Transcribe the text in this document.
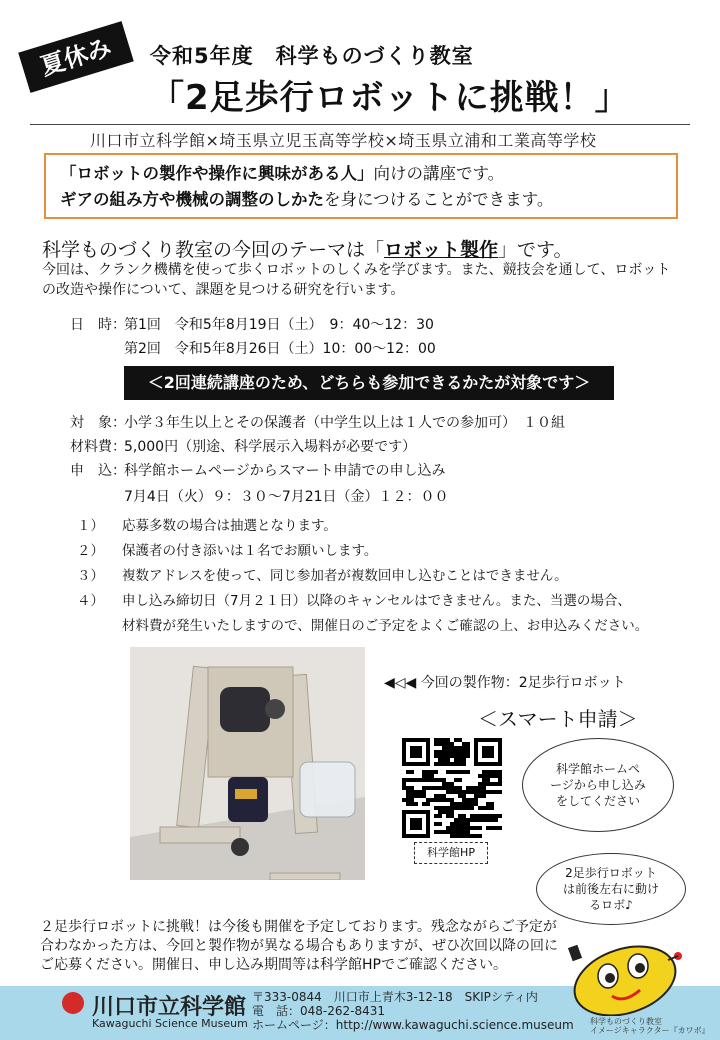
夏休み	令和5年度　科学ものづくり教室
「2足歩行ロボットに挑戦！」
川口市立科学館×埼玉県立児玉高等学校×埼玉県立浦和工業高等学校
「ロボットの製作や操作に興味がある人」向けの講座です。
ギアの組み方や機械の調整のしかたを身につけることができます。
科学ものづくり教室の今回のテーマは「ロボット製作」です。
今回は、クランク機構を使って歩くロボットのしくみを学びます。また、競技会を通して、ロボットの改造や操作について、課題を見つける研究を行います。
日　時：第1回　令和5年8月19日（土）　9：40～12：30
第2回　令和5年8月26日（土）10：00～12：00
＜2回連続講座のため、どちらも参加できるかたが対象です＞
対　象：小学３年生以上とその保護者（中学生以上は１人での参加可）　１０組
材料費：5,000円（別途、科学展示入場料が必要です）
申　込：科学館ホームページからスマート申請での申し込み
7月4日（火）９：３０～7月21日（金）１２：００
１） 応募多数の場合は抽選となります。
２） 保護者の付き添いは１名でお願いします。
３） 複数アドレスを使って、同じ参加者が複数回申し込むことはできません。
４） 申し込み締切日（7月２１日）以降のキャンセルはできません。また、当選の場合、
材料費が発生いたしますので、開催日のご予定をよくご確認の上、お申込みください。
◀◁◀ 今回の製作物：2足歩行ロボット
＜スマート申請＞
科学館HP
科学館ホームページから申し込みをしてください
2足歩行ロボットは前後左右に動けるロボ♪
２足歩行ロボットに挑戦！は今後も開催を予定しております。残念ながらご予定が合わなかった方は、今回と製作物が異なる場合もありますが、ぜひ次回以降の回にご応募ください。開催日、申し込み期間等は科学館HPでご確認ください。
川口市立科学館
Kawaguchi Science Museum
〒333-0844　川口市上青木3-12-18　SKIPシティ内
電　話：048-262-8431
ホームページ：http://www.kawaguchi.science.museum 科学ものづくり教室
イメージキャラクター『カワボ』
